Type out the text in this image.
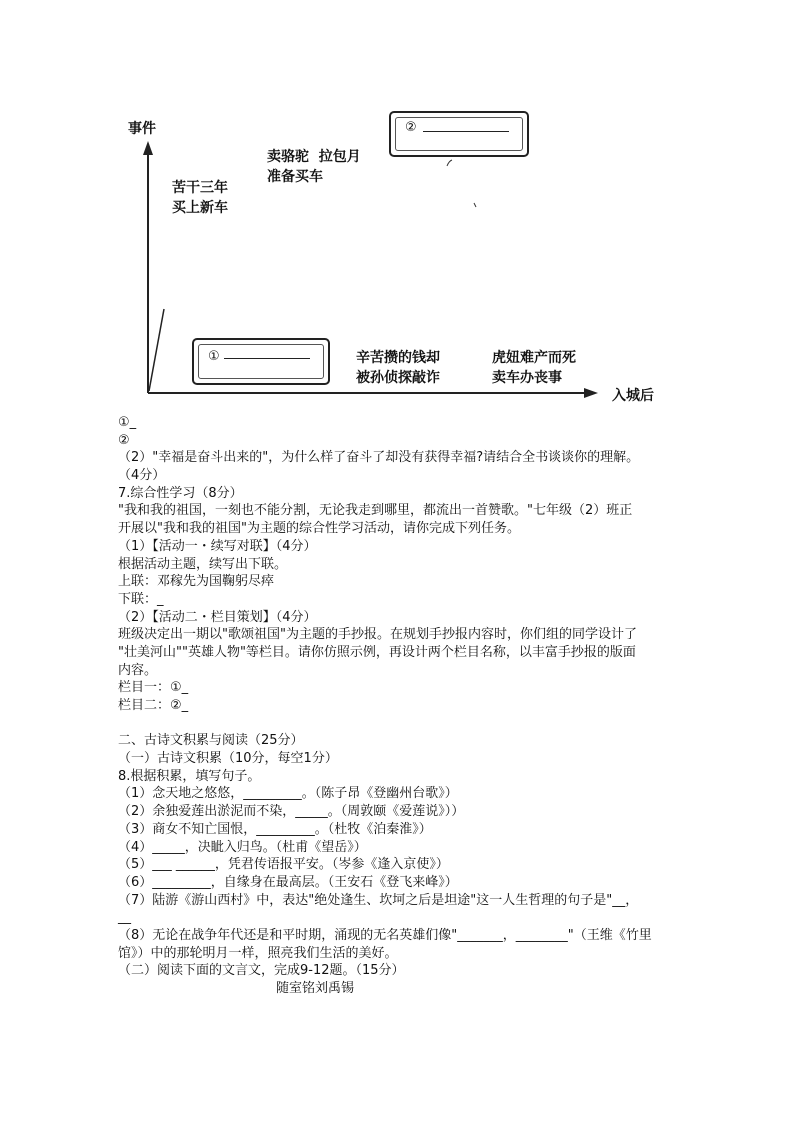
事件
入城后
苦干三年
买上新车
卖骆驼  拉包月
准备买车
辛苦攒的钱却
被孙侦探敲诈
虎妞难产而死
卖车办丧事
①
②
①_
②
（2）"幸福是奋斗出来的"，为什么样了奋斗了却没有获得幸福?请结合全书谈谈你的理解。
（4分）
7.综合性学习（8分）
"我和我的祖国，一刻也不能分割，无论我走到哪里，都流出一首赞歌。"七年级（2）班正
开展以"我和我的祖国"为主题的综合性学习活动，请你完成下列任务。
（1）【活动一・续写对联】（4分）
根据活动主题，续写出下联。
上联：邓稼先为国鞠躬尽瘁
下联：_
（2）【活动二・栏目策划】（4分）
班级决定出一期以"歌颂祖国"为主题的手抄报。在规划手抄报内容时，你们组的同学设计了
"壮美河山""英雄人物"等栏目。请你仿照示例，再设计两个栏目名称，以丰富手抄报的版面
内容。
栏目一：①_
栏目二：②_
二、古诗文积累与阅读（25分）
（一）古诗文积累（10分，每空1分）
8.根据积累，填写句子。
（1）念天地之悠悠，_________。（陈子昂《登幽州台歌》）
（2）余独爱莲出淤泥而不染，_____。（周敦颐《爱莲说》））
（3）商女不知亡国恨，_________。（杜牧《泊秦淮》）
（4）_____，决眦入归鸟。（杜甫《望岳》）
（5）___ ______，凭君传语报平安。（岑参《逢入京使》）
（6）_________，自缘身在最高层。（王安石《登飞来峰》）
（7）陆游《游山西村》中，表达"绝处逢生、坎坷之后是坦途"这一人生哲理的句子是"__，
__
（8）无论在战争年代还是和平时期，涌现的无名英雄们像"_______，________"（王维《竹里
馆》）中的那轮明月一样，照亮我们生活的美好。
（二）阅读下面的文言文，完成9-12题。（15分）
随室铭刘禹锡
